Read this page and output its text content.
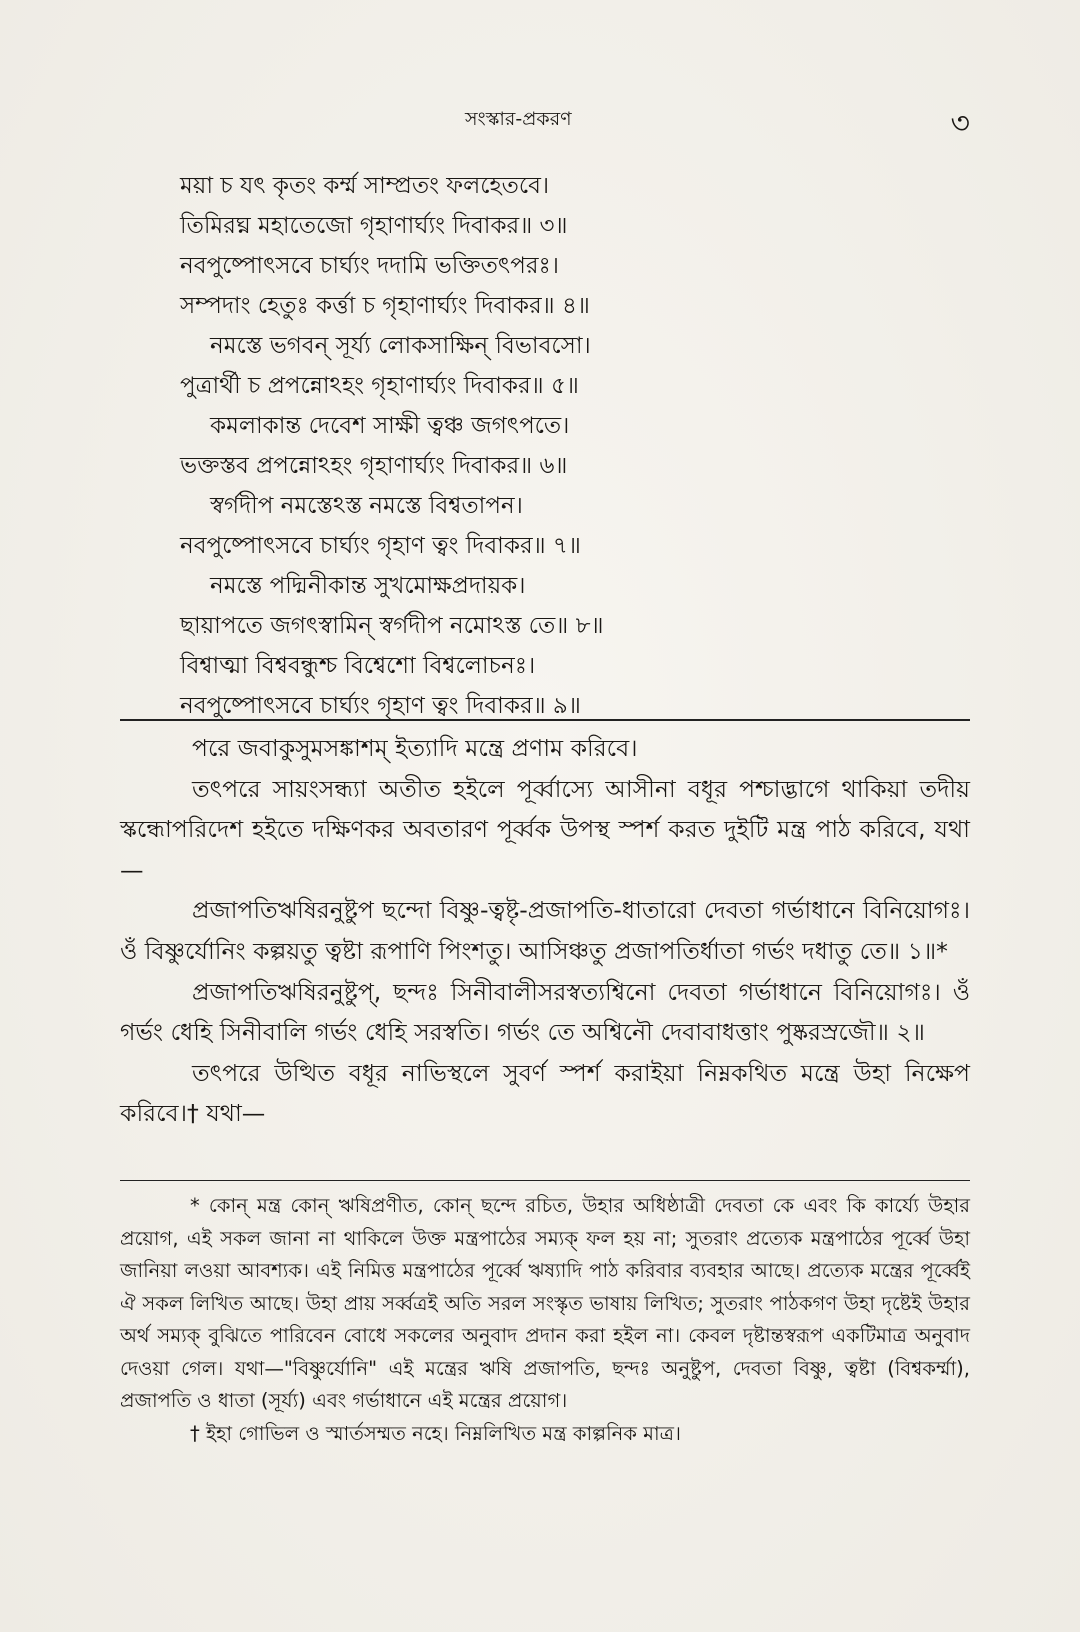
সংস্কার-প্রকরণ	৩
ময়া চ যৎ কৃতং কর্ম্ম সাম্প্রতং ফলহেতবে।
তিমিরঘ্ন মহাতেজো গৃহাণার্ঘ্যং দিবাকর॥ ৩॥
নবপুষ্পোৎসবে চার্ঘ্যং দদামি ভক্তিতৎপরঃ।
সম্পদাং হেতুঃ কর্ত্তা চ গৃহাণার্ঘ্যং দিবাকর॥ ৪॥
নমস্তে ভগবন্ সূর্য্য লোকসাক্ষিন্ বিভাবসো।
পুত্রার্থী চ প্রপন্নোঽহং গৃহাণার্ঘ্যং দিবাকর॥ ৫॥
কমলাকান্ত দেবেশ সাক্ষী ত্বঞ্চ জগৎপতে।
ভক্তস্তব প্রপন্নোঽহং গৃহাণার্ঘ্যং দিবাকর॥ ৬॥
স্বর্গদীপ নমস্তেঽস্ত নমস্তে বিশ্বতাপন।
নবপুষ্পোৎসবে চার্ঘ্যং গৃহাণ ত্বং দিবাকর॥ ৭॥
নমস্তে পদ্মিনীকান্ত সুখমোক্ষপ্রদায়ক।
ছায়াপতে জগৎস্বামিন্ স্বর্গদীপ নমোঽস্ত তে॥ ৮॥
বিশ্বাত্মা বিশ্ববন্ধুশ্চ বিশ্বেশো বিশ্বলোচনঃ।
নবপুষ্পোৎসবে চার্ঘ্যং গৃহাণ ত্বং দিবাকর॥ ৯॥

পরে জবাকুসুমসঙ্কাশম্ ইত্যাদি মন্ত্রে প্রণাম করিবে।

তৎপরে সায়ংসন্ধ্যা অতীত হইলে পূর্ব্বাস্যে আসীনা বধূর পশ্চাদ্ভাগে থাকিয়া তদীয় স্কন্ধোপরিদেশ হইতে দক্ষিণকর অবতারণ পূর্ব্বক উপস্থ স্পর্শ করত দুইটি মন্ত্র পাঠ করিবে, যথা—

প্রজাপতিঋষিরনুষ্টুপ ছন্দো বিষ্ণু-ত্বষ্টৃ-প্রজাপতি-ধাতারো দেবতা গর্ভাধানে বিনিয়োগঃ। ওঁ বিষ্ণুর্যোনিং কল্পয়তু ত্বষ্টা রূপাণি পিংশতু। আসিঞ্চতু প্রজাপতির্ধাতা গর্ভং দধাতু তে॥ ১॥*

প্রজাপতিঋষিরনুষ্টুপ্, ছন্দঃ সিনীবালীসরস্বত্যশ্বিনো দেবতা গর্ভাধানে বিনিয়োগঃ। ওঁ গর্ভং ধেহি সিনীবালি গর্ভং ধেহি সরস্বতি। গর্ভং তে অশ্বিনৌ দেবাবাধত্তাং পুষ্করস্রজৌ॥ ২॥

তৎপরে উত্থিত বধূর নাভিস্থলে সুবর্ণ স্পর্শ করাইয়া নিম্নকথিত মন্ত্রে উহা নিক্ষেপ করিবে।† যথা—

* কোন্ মন্ত্র কোন্ ঋষিপ্রণীত, কোন্ ছন্দে রচিত, উহার অধিষ্ঠাত্রী দেবতা কে এবং কি কার্য্যে উহার প্রয়োগ, এই সকল জানা না থাকিলে উক্ত মন্ত্রপাঠের সম্যক্ ফল হয় না; সুতরাং প্রত্যেক মন্ত্রপাঠের পূর্ব্বে উহা জানিয়া লওয়া আবশ্যক। এই নিমিত্ত মন্ত্রপাঠের পূর্ব্বে ঋষ্যাদি পাঠ করিবার ব্যবহার আছে। প্রত্যেক মন্ত্রের পূর্ব্বেই ঐ সকল লিখিত আছে। উহা প্রায় সর্ব্বত্রই অতি সরল সংস্কৃত ভাষায় লিখিত; সুতরাং পাঠকগণ উহা দৃষ্টেই উহার অর্থ সম্যক্ বুঝিতে পারিবেন বোধে সকলের অনুবাদ প্রদান করা হইল না। কেবল দৃষ্টান্তস্বরূপ একটিমাত্র অনুবাদ দেওয়া গেল। যথা—"বিষ্ণুর্যোনি" এই মন্ত্রের ঋষি প্রজাপতি, ছন্দঃ অনুষ্টুপ, দেবতা বিষ্ণু, ত্বষ্টা (বিশ্বকর্ম্মা), প্রজাপতি ও ধাতা (সূর্য্য) এবং গর্ভাধানে এই মন্ত্রের প্রয়োগ।

† ইহা গোভিল ও স্মার্তসম্মত নহে। নিম্নলিখিত মন্ত্র কাল্পনিক মাত্র।
